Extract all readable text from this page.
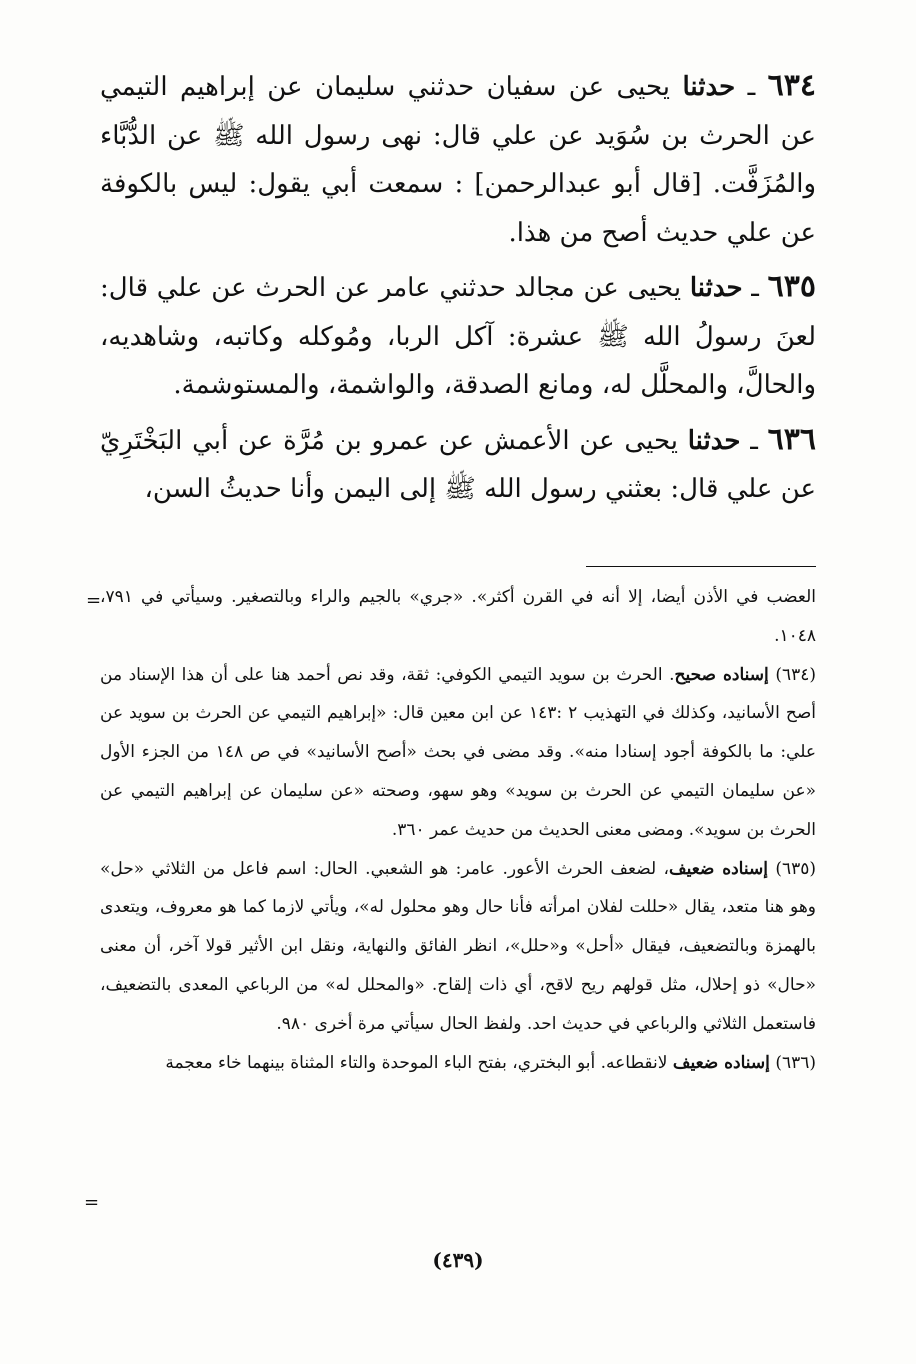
٦٣٤ ـ حدثنا يحيى عن سفيان حدثني سليمان عن إبراهيم التيمي عن الحرث بن سُوَيد عن علي قال: نهى رسول الله ﷺ عن الدُّبَّاء والمُزَفَّت. [قال أبو عبدالرحمن] : سمعت أبي يقول: ليس بالكوفة عن علي حديث أصح من هذا.

٦٣٥ ـ حدثنا يحيى عن مجالد حدثني عامر عن الحرث عن علي قال: لعنَ رسولُ الله ﷺ عشرة: آكل الربا، ومُوكله وكاتبه، وشاهديه، والحالَّ، والمحلَّل له، ومانع الصدقة، والواشمة، والمستوشمة.

٦٣٦ ـ حدثنا يحيى عن الأعمش عن عمرو بن مُرَّة عن أبي البَخْتَرِيّ عن علي قال: بعثني رسول الله ﷺ إلى اليمن وأنا حديثُ السن،

=

العضب في الأذن أيضا، إلا أنه في القرن أكثر». «جري» بالجيم والراء وبالتصغير. وسيأتي في ٧٩١، ١٠٤٨.

(٦٣٤) إسناده صحيح. الحرث بن سويد التيمي الكوفي: ثقة، وقد نص أحمد هنا على أن هذا الإسناد من أصح الأسانيد، وكذلك في التهذيب ٢ :١٤٣ عن ابن معين قال: «إبراهيم التيمي عن الحرث بن سويد عن علي: ما بالكوفة أجود إسنادا منه». وقد مضى في بحث «أصح الأسانيد» في ص ١٤٨ من الجزء الأول «عن سليمان التيمي عن الحرث بن سويد» وهو سهو، وصحته «عن سليمان عن إبراهيم التيمي عن الحرث بن سويد». ومضى معنى الحديث من حديث عمر ٣٦٠.

(٦٣٥) إسناده ضعيف، لضعف الحرث الأعور. عامر: هو الشعبي. الحال: اسم فاعل من الثلاثي «حل» وهو هنا متعد، يقال «حللت لفلان امرأته فأنا حال وهو محلول له»، ويأتي لازما كما هو معروف، ويتعدى بالهمزة وبالتضعيف، فيقال «أحل» و«حلل»، انظر الفائق والنهاية، ونقل ابن الأثير قولا آخر، أن معنى «حال» ذو إحلال، مثل قولهم ريح لاقح، أي ذات إلقاح. «والمحلل له» من الرباعي المعدى بالتضعيف، فاستعمل الثلاثي والرباعي في حديث احد. ولفظ الحال سيأتي مرة أخرى ٩٨٠.

(٦٣٦) إسناده ضعيف لانقطاعه. أبو البختري، بفتح الباء الموحدة والتاء المثناة بينهما خاء معجمة

=
(٤٣٩)
